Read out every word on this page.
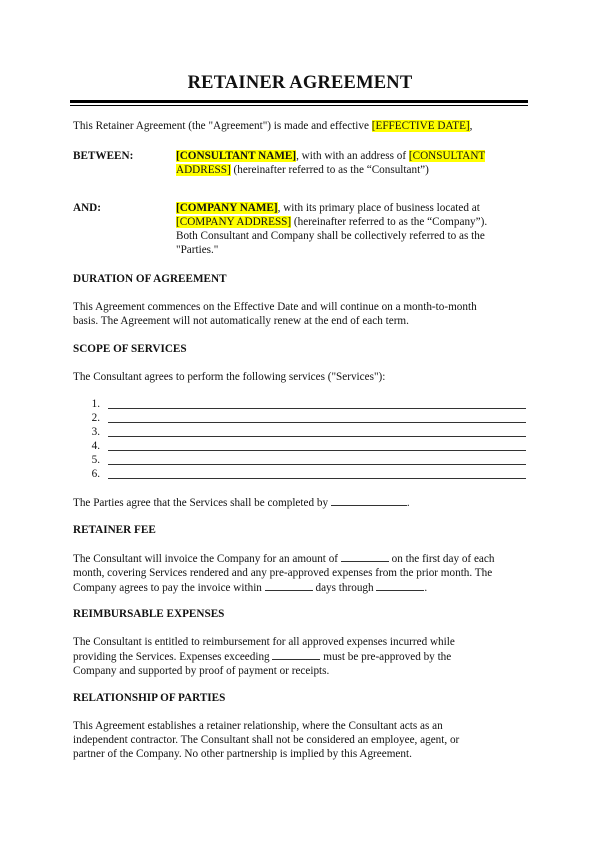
RETAINER AGREEMENT
This Retainer Agreement (the "Agreement") is made and effective [EFFECTIVE DATE],
BETWEEN:	[CONSULTANT NAME], with with an address of [CONSULTANT
ADDRESS] (hereinafter referred to as the “Consultant”)
AND:	[COMPANY NAME], with its primary place of business located at
[COMPANY ADDRESS] (hereinafter referred to as the “Company”).
Both Consultant and Company shall be collectively referred to as the
"Parties."
DURATION OF AGREEMENT
This Agreement commences on the Effective Date and will continue on a month-to-month
basis. The Agreement will not automatically renew at the end of each term.
SCOPE OF SERVICES
The Consultant agrees to perform the following services ("Services"):
1.
2.
3.
4.
5.
6.
The Parties agree that the Services shall be completed by	.
RETAINER FEE
The Consultant will invoice the Company for an amount of	on the first day of each
month, covering Services rendered and any pre-approved expenses from the prior month. The
Company agrees to pay the invoice within	days through	.
REIMBURSABLE EXPENSES
The Consultant is entitled to reimbursement for all approved expenses incurred while
providing the Services. Expenses exceeding	must be pre-approved by the
Company and supported by proof of payment or receipts.
RELATIONSHIP OF PARTIES
This Agreement establishes a retainer relationship, where the Consultant acts as an
independent contractor. The Consultant shall not be considered an employee, agent, or
partner of the Company. No other partnership is implied by this Agreement.
